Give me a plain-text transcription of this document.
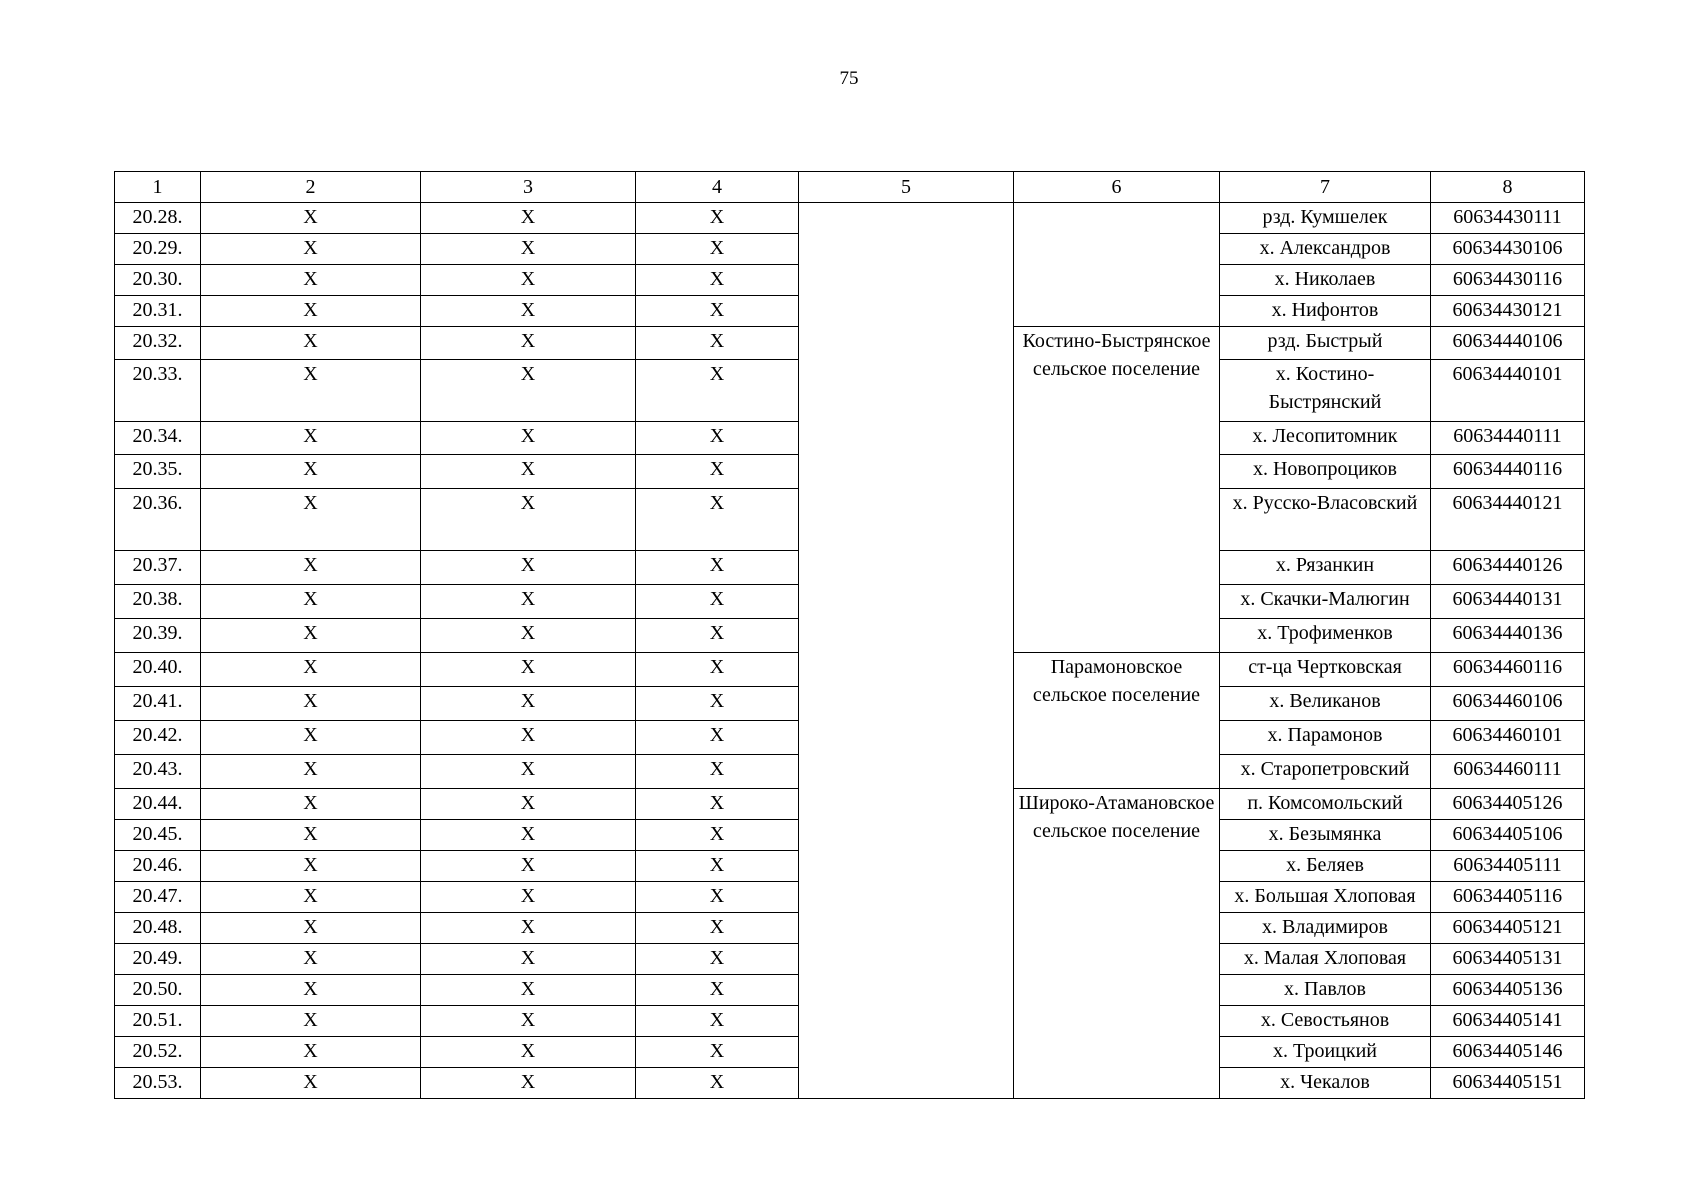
75
1	2	3	4	5	6	7	8
20.28.	Х	Х	Х			рзд. Кумшелек	60634430111
20.29.	Х	Х	Х			х. Александров	60634430106
20.30.	Х	Х	Х			х. Николаев	60634430116
20.31.	Х	Х	Х			х. Нифонтов	60634430121
20.32.	Х	Х	Х		Костино-Быстрянское сельское поселение	рзд. Быстрый	60634440106
20.33.	Х	Х	Х			х. Костино-Быстрянский	60634440101
20.34.	Х	Х	Х			х. Лесопитомник	60634440111
20.35.	Х	Х	Х			х. Новопроциков	60634440116
20.36.	Х	Х	Х			х. Русско-Власовский	60634440121
20.37.	Х	Х	Х			х. Рязанкин	60634440126
20.38.	Х	Х	Х			х. Скачки-Малюгин	60634440131
20.39.	Х	Х	Х			х. Трофименков	60634440136
20.40.	Х	Х	Х		Парамоновское сельское поселение	ст-ца Чертковская	60634460116
20.41.	Х	Х	Х			х. Великанов	60634460106
20.42.	Х	Х	Х			х. Парамонов	60634460101
20.43.	Х	Х	Х			х. Старопетровский	60634460111
20.44.	Х	Х	Х		Широко-Атамановское сельское поселение	п. Комсомольский	60634405126
20.45.	Х	Х	Х			х. Безымянка	60634405106
20.46.	Х	Х	Х			х. Беляев	60634405111
20.47.	Х	Х	Х			х. Большая Хлоповая	60634405116
20.48.	Х	Х	Х			х. Владимиров	60634405121
20.49.	Х	Х	Х			х. Малая Хлоповая	60634405131
20.50.	Х	Х	Х			х. Павлов	60634405136
20.51.	Х	Х	Х			х. Севостьянов	60634405141
20.52.	Х	Х	Х			х. Троицкий	60634405146
20.53.	Х	Х	Х			х. Чекалов	60634405151
